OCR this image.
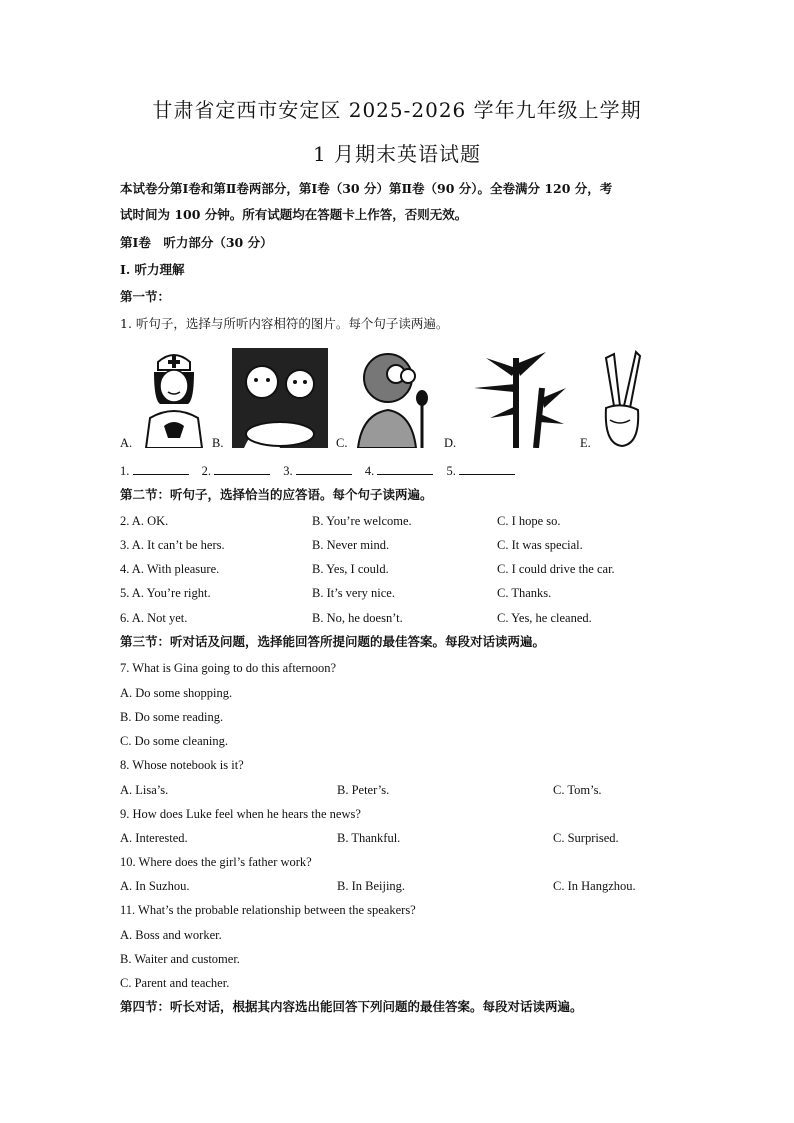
甘肃省定西市安定区 2025-2026 学年九年级上学期
1 月期末英语试题
本试卷分第Ⅰ卷和第Ⅱ卷两部分，第Ⅰ卷（30 分）第Ⅱ卷（90 分）。全卷满分 120 分，考
试时间为 100 分钟。所有试题均在答题卡上作答，否则无效。
第Ⅰ卷　听力部分（30 分）
Ⅰ. 听力理解
第一节：
1. 听句子，选择与所听内容相符的图片。每个句子读两遍。
A.	B.	C.	D.	E.
1.	2.	3.	4.	5.
第二节：听句子，选择恰当的应答语。每个句子读两遍。
2. A. OK.	B. You’re welcome.	C. I hope so.
3. A. It can’t be hers.	B. Never mind.	C. It was special.
4. A. With pleasure.	B. Yes, I could.	C. I could drive the car.
5. A. You’re right.	B. It’s very nice.	C. Thanks.
6. A. Not yet.	B. No, he doesn’t.	C. Yes, he cleaned.
第三节：听对话及问题，选择能回答所提问题的最佳答案。每段对话读两遍。
7. What is Gina going to do this afternoon?
A. Do some shopping.
B. Do some reading.
C. Do some cleaning.
8. Whose notebook is it?
A. Lisa’s.	B. Peter’s.	C. Tom’s.
9. How does Luke feel when he hears the news?
A. Interested.	B. Thankful.	C. Surprised.
10. Where does the girl’s father work?
A. In Suzhou.	B. In Beijing.	C. In Hangzhou.
11. What’s the probable relationship between the speakers?
A. Boss and worker.
B. Waiter and customer.
C. Parent and teacher.
第四节：听长对话，根据其内容选出能回答下列问题的最佳答案。每段对话读两遍。
